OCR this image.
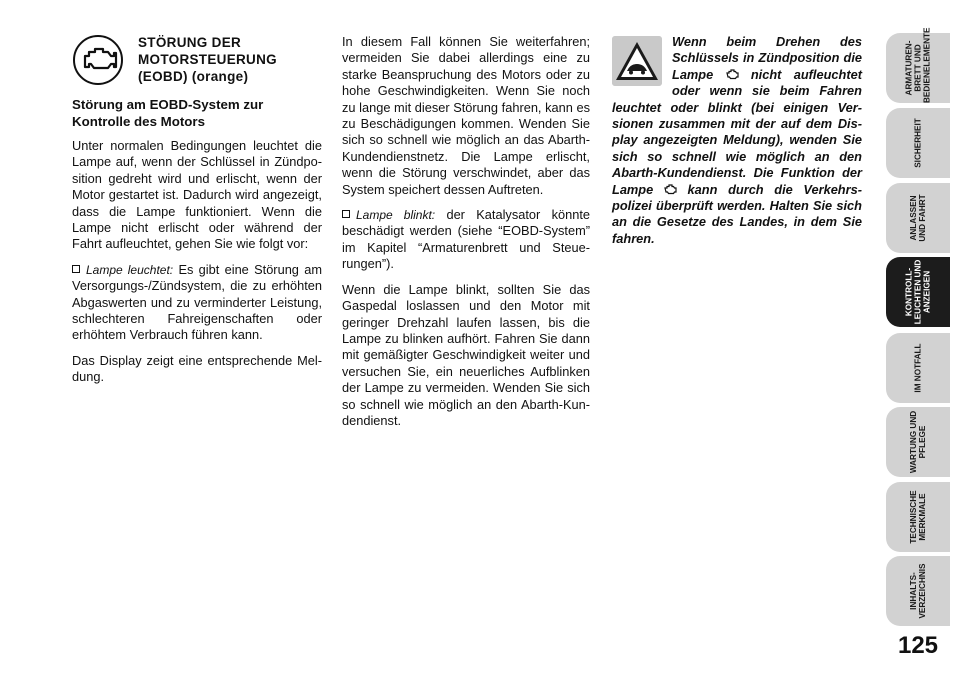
STÖRUNG DER
MOTORSTEUERUNG
(EOBD) (orange)
Störung am EOBD-System zur
Kontrolle des Motors

Unter normalen Bedingungen leuchtet die Lampe auf, wenn der Schlüssel in Zündposition gedreht wird und erlischt, wenn der Motor gestartet ist. Dadurch wird angezeigt, dass die Lampe funktioniert. Wenn die Lampe nicht erlischt oder während der Fahrt aufleuchtet, gehen Sie wie folgt vor:

Lampe leuchtet: Es gibt eine Störung am Versorgungs-/Zündsystem, die zu erhöhten Abgaswerten und zu verminderter Leistung, schlechteren Fahreigenschaften oder erhöhtem Verbrauch führen kann.

Das Display zeigt eine entsprechende Meldung.

In diesem Fall können Sie weiterfahren; vermeiden Sie dabei allerdings eine zu starke Beanspruchung des Motors oder zu hohe Geschwindigkeiten. Wenn Sie noch zu lange mit dieser Störung fahren, kann es zu Beschädigungen kommen. Wenden Sie sich so schnell wie möglich an das Abarth-Kundendienstnetz. Die Lampe erlischt, wenn die Störung verschwindet, aber das System speichert dessen Auftreten.

Lampe blinkt: der Katalysator könnte beschädigt werden (siehe “EOBD-System” im Kapitel “Armaturenbrett und Steuerungen”).

Wenn die Lampe blinkt, sollten Sie das Gaspedal loslassen und den Motor mit geringer Drehzahl laufen lassen, bis die Lampe zu blinken aufhört. Fahren Sie dann mit gemäßigter Geschwindigkeit weiter und versuchen Sie, ein neuerliches Aufblinken der Lampe zu vermeiden. Wenden Sie sich so schnell wie möglich an den Abarth-Kundendienst.

Wenn beim Drehen des Schlüssels in Zündposition die Lampe  nicht aufleuchtet oder wenn sie beim Fahren leuchtet oder blinkt (bei einigen Versionen zusammen mit der auf dem Display angezeigten Meldung), wenden Sie sich so schnell wie möglich an den Abarth-Kundendienst. Die Funktion der Lampe  kann durch die Verkehrspolizei überprüft werden. Halten Sie sich an die Gesetze des Landes, in dem Sie fahren.

ARMATUREN- BRETT UND BEDIENELEMENTE
SICHERHEIT
ANLASSEN UND FAHRT
KONTROLL- LEUCHTEN UND ANZEIGEN
IM NOTFALL
WARTUNG UND PFLEGE
TECHNISCHE MERKMALE
INHALTS- VERZEICHNIS
125
